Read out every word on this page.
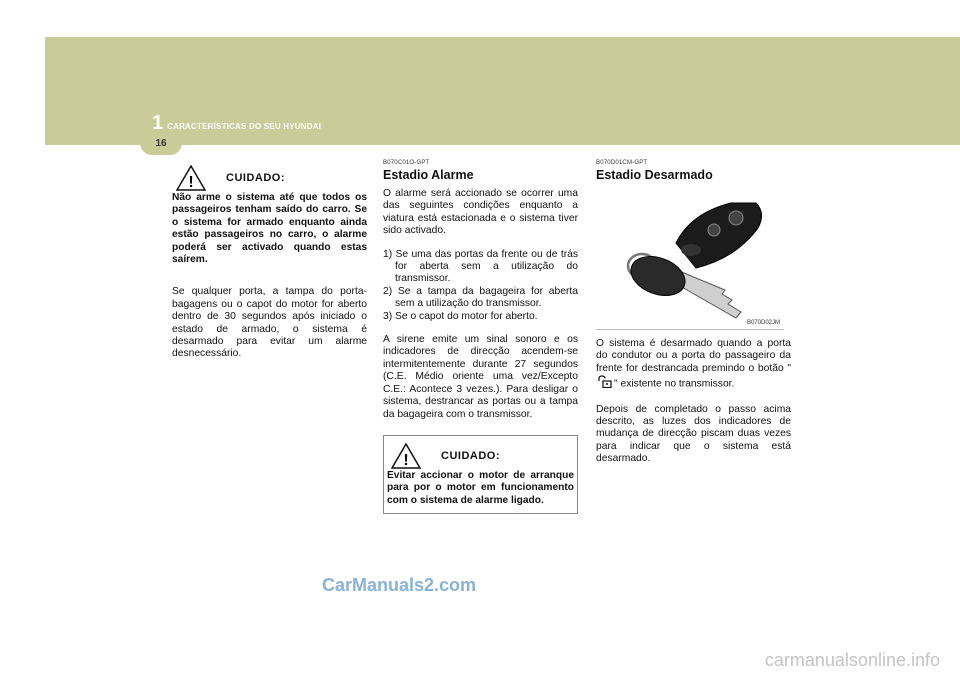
16
1 CARACTERÍSTICAS DO SEU HYUNDAI
!	CUIDADO:
Não arme o sistema até que todos os passageiros tenham saído do carro. Se o sistema for armado enquanto ainda estão passageiros no carro, o alarme poderá ser activado quando estas saírem.

Se qualquer porta, a tampa do porta-bagagens ou o capot do motor for aberto dentro de 30 segundos após iniciado o estado de armado, o sistema é desarmado para evitar um alarme desnecessário.

B070C01O-GPT
Estadio Alarme

O alarme será accionado se ocorrer uma das seguintes condições enquanto a viatura está estacionada e o sistema tiver sido activado.

1) Se uma das portas da frente ou de trás for aberta sem a utilização do transmissor.
2) Se a tampa da bagageira for aberta sem a utilização do transmissor.
3) Se o capot do motor for aberto.

A sirene emite um sinal sonoro e os indicadores de direcção acendem-se intermitentemente durante 27 segundos (C.E. Médio oriente uma vez/Excepto C.E.: Acontece 3 vezes.). Para desligar o sistema, destrancar as portas ou a tampa da bagageira com o transmissor.

!	CUIDADO:
Evitar accionar o motor de arranque para por o motor em funcionamento com o sistema de alarme ligado.
B070D01CM-GPT
Estadio Desarmado
B070D02JM

O sistema é desarmado quando a porta do condutor ou a porta do passageiro da frente for destrancada premindo o botão "" existente no transmissor.

Depois de completado o passo acima descrito, as luzes dos indicadores de mudança de direcção piscam duas vezes para indicar que o sistema está desarmado.

CarManuals2.com
carmanualsonline.info
